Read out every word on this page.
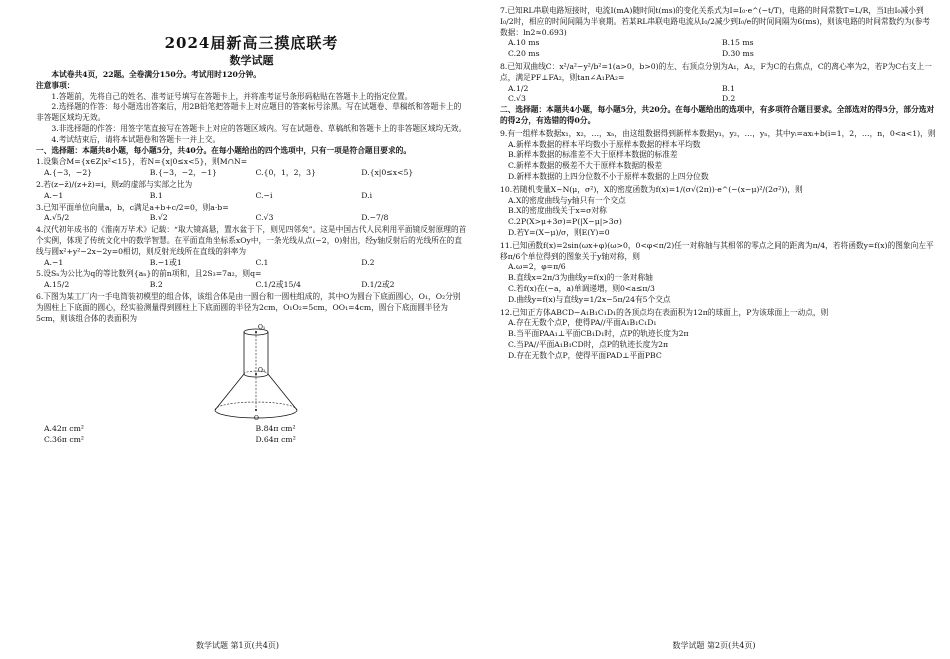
2024届新高三摸底联考
数学试题
本试卷共4页，22题。全卷满分150分。考试用时120分钟。
注意事项：
1.答题前，先将自己的姓名、准考证号填写在答题卡上，并将准考证号条形码粘贴在答题卡上的指定位置。
2.选择题的作答：每小题选出答案后，用2B铅笔把答题卡上对应题目的答案标号涂黑。写在试题卷、草稿纸和答题卡上的非答题区域均无效。
3.非选择题的作答：用签字笔直接写在答题卡上对应的答题区域内。写在试题卷、草稿纸和答题卡上的非答题区域均无效。
4.考试结束后，请将本试题卷和答题卡一并上交。
一、选择题：本题共8小题，每小题5分，共40分。在每小题给出的四个选项中，只有一项是符合题目要求的。
1.设集合M={x∈Z|x²<15}，若N={x|0≤x<5}，则M∩N=
A.{−3，−2}	B.{−3，−2，−1}	C.{0，1，2，3}	D.{x|0≤x<5}
2.若(z−z̄)/(z+z̄)=i，则z的虚部与实部之比为
A.−1	B.1	C.−i	D.i
3.已知平面单位向量a，b，c满足a+b+c/2=0，则a·b=
A.√5/2	B.√2	C.√3	D.−7/8
4.汉代初年成书的《淮南万毕术》记载：“取大镜高悬，置水盆于下，则见四邻矣”。这是中国古代人民利用平面镜反射原理的首个实例，体现了传统文化中的数学智慧。在平面直角坐标系xOy中，一条光线从点(−2，0)射出，经y轴反射后的光线所在的直线与圆x²+y²−2x−2y=0相切，则反射光线所在直线的斜率为
A.−1	B.−1或1	C.1	D.2
5.设Sₙ为公比为q的等比数列{aₙ}的前n项和，且2S₃=7a₂，则q=
A.15/2	B.2	C.1/2或15/4	D.1/2或2
6.下图为某工厂内一手电筒装初模型的组合体，该组合体是由一圆台和一圆柱组成的，其中O为圆台下底面圆心，O₁，O₂分别为圆柱上下底面的圆心，经实验测量得到圆柱上下底面圆的半径为2cm，O₁O₂=5cm，OO₁=4cm，圆台下底面圆半径为5cm，则该组合体的表面积为
O₁
O₂
O
A.42π cm²	B.84π cm²
C.36π cm²	D.64π cm²
数学试题 第1页(共4页)
7.已知RL串联电路短接时，电流I(mA)随时间t(ms)的变化关系式为I=I₀·e^(−t/T)，电路的时间常数T=L/R，当I由I₀减小到I₀/2时，相应的时间间隔为半衰期。若某RL串联电路电流从I₀/2减少到I₀/e的时间间隔为6(ms)，则该电路的时间常数约为(参考数据：ln2≈0.693)
A.10 ms	B.15 ms
C.20 ms	D.30 ms
8.已知双曲线C：x²/a²−y²/b²=1(a>0，b>0)的左、右顶点分别为A₁，A₂，F为C的右焦点，C的离心率为2，若P为C右支上一点，满足PF⊥FA₂，则tan∠A₁PA₂=
A.1/2	B.1
C.√3	D.2
二、选择题：本题共4小题，每小题5分，共20分。在每小题给出的选项中，有多项符合题目要求。全部选对的得5分，部分选对的得2分，有选错的得0分。
9.有一组样本数据x₁，x₂，…，xₙ，由这组数据得到新样本数据y₁，y₂，…，yₙ，其中yᵢ=axᵢ+b(i=1，2，…，n，0<a<1)，则
A.新样本数据的样本平均数小于原样本数据的样本平均数
B.新样本数据的标准差不大于原样本数据的标准差
C.新样本数据的极差不大于原样本数据的极差
D.新样本数据的上四分位数不小于原样本数据的上四分位数
10.若随机变量X~N(μ，σ²)，X的密度函数为f(x)=1/(σ√(2π))·e^(−(x−μ)²/(2σ²))，则
A.X的密度曲线与y轴只有一个交点
B.X的密度曲线关于x=σ对称
C.2P(X>μ+3σ)=P(|X−μ|>3σ)
D.若Y=(X−μ)/σ，则E(Y)=0
11.已知函数f(x)=2sin(ωx+φ)(ω>0，0<φ<π/2)任一对称轴与其相邻的零点之间的距离为π/4，若将函数y=f(x)的图象向左平移π/6个单位得到的图象关于y轴对称，则
A.ω=2，φ=π/6
B.直线x=2π/3为曲线y=f(x)的一条对称轴
C.若f(x)在(−a，a)单调递增，则0<a≤π/3
D.曲线y=f(x)与直线y=1/2x−5π/24有5个交点
12.已知正方体ABCD−A₁B₁C₁D₁的各顶点均在表面积为12π的球面上，P为该球面上一动点，则
A.存在无数个点P，使得PA//平面A₁B₁C₁D₁
B.当平面PAA₁⊥平面CB₁D₁时，点P的轨迹长度为2π
C.当PA//平面A₁B₁CD时，点P的轨迹长度为2π
D.存在无数个点P，使得平面PAD⊥平面PBC
数学试题 第2页(共4页)
